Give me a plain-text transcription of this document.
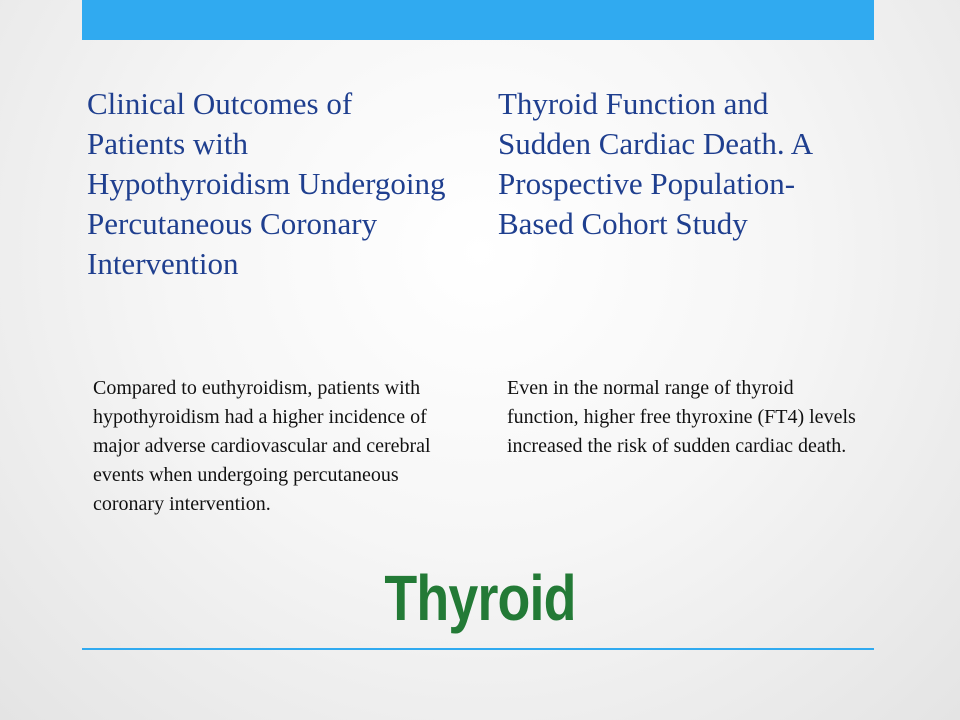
Clinical Outcomes of Patients with Hypothyroidism Undergoing Percutaneous Coronary Intervention
Thyroid Function and Sudden Cardiac Death. A Prospective Population-Based Cohort Study

Compared to euthyroidism, patients with hypothyroidism had a higher incidence of major adverse cardiovascular and cerebral events when undergoing percutaneous coronary intervention.

Even in the normal range of thyroid function, higher free thyroxine (FT4) levels increased the risk of sudden cardiac death.

Thyroid
